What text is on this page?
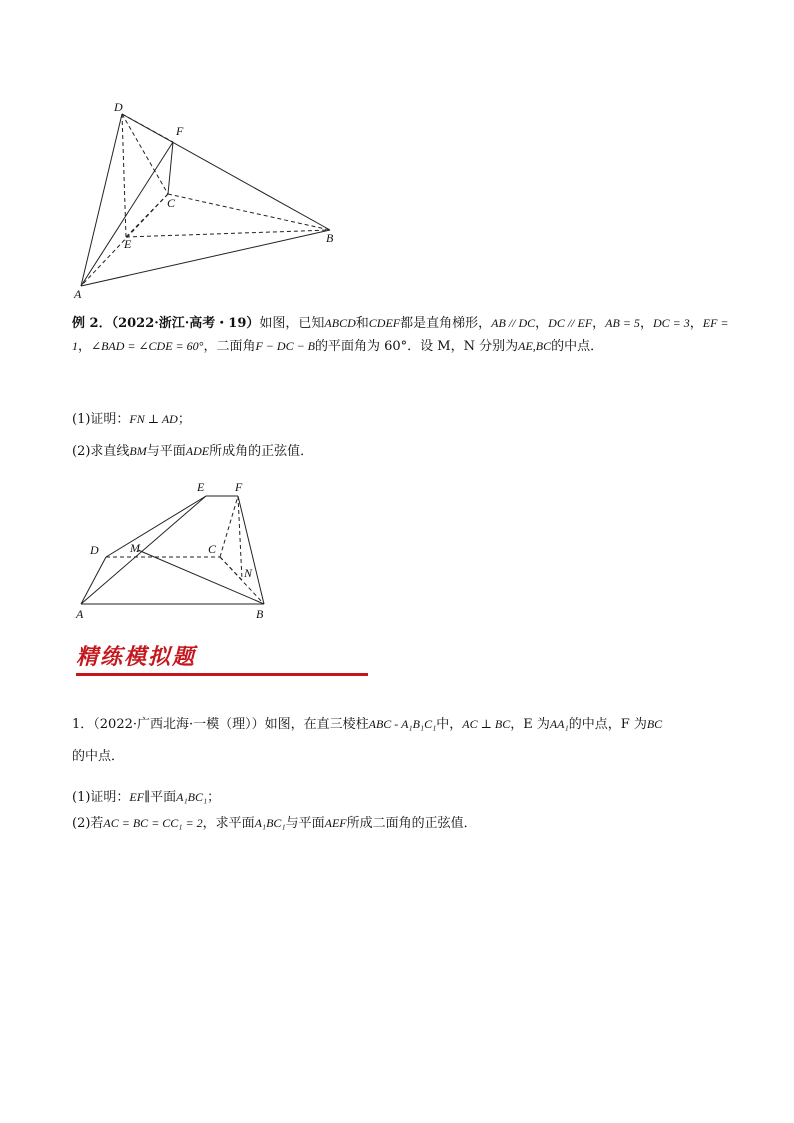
D
F
C
B
E
A
例 2．（2022·浙江·高考・19）如图，已知ABCD和CDEF都是直角梯形，AB // DC，DC // EF，AB = 5，DC = 3，EF = 1，∠BAD = ∠CDE = 60°，二面角F − DC − B的平面角为 60°．设 M，N 分别为AE,BC的中点．
(1)证明：FN ⊥ AD；
(2)求直线BM与平面ADE所成角的正弦值．
E	F
D	M	C
N
A	B
精练模拟题
1．（2022·广西北海·一模（理））如图，在直三棱柱ABC - A₁B₁C₁中，AC ⊥ BC，E 为AA₁的中点，F 为BC
的中点．
(1)证明：EF∥平面A₁BC₁；
(2)若AC = BC = CC₁ = 2，求平面A₁BC₁与平面AEF所成二面角的正弦值．
